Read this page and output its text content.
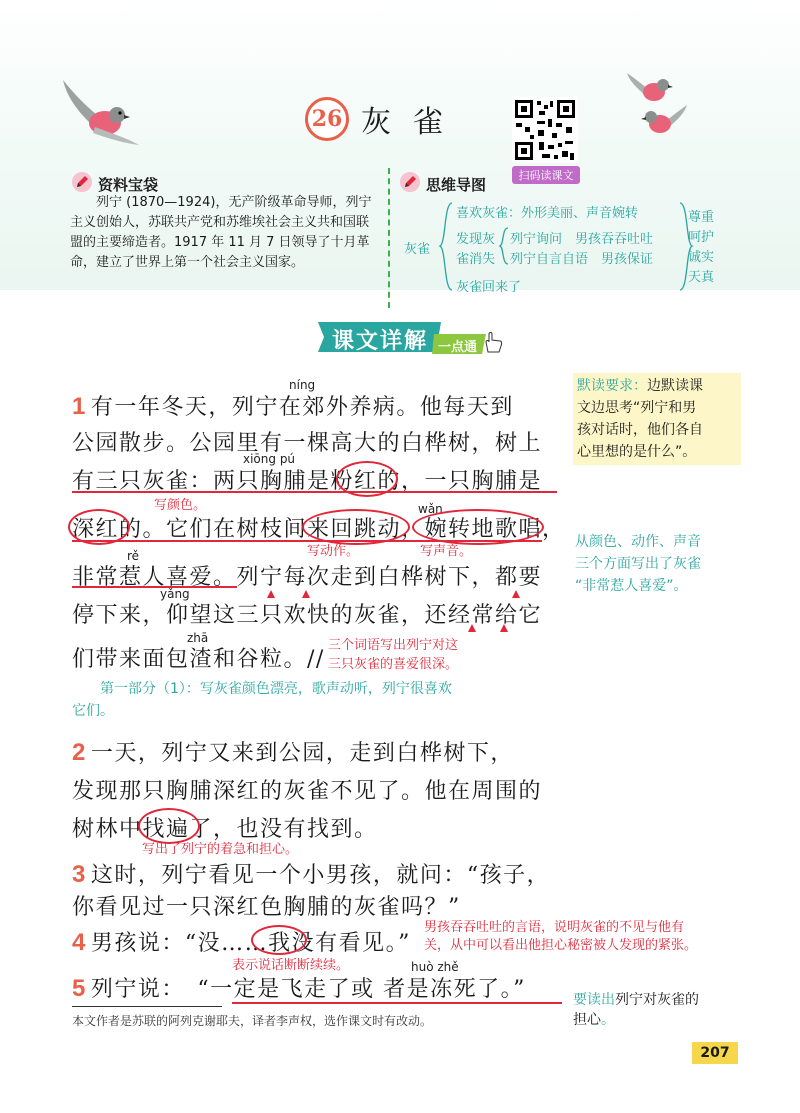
26 灰雀
扫码读课文
资料宝袋
列宁 (1870—1924)，无产阶级革命导师，列宁主义创始人，苏联共产党和苏维埃社会主义共和国联盟的主要缔造者。1917 年 11 月 7 日领导了十月革命，建立了世界上第一个社会主义国家。
思维导图
灰雀
喜欢灰雀：外形美丽、声音婉转
发现灰
雀消失
列宁询问　男孩吞吞吐吐
列宁自言自语　男孩保证
灰雀回来了
尊重
呵护
诚实
天真
课文详解 一点通
默读要求：边默读课
文边思考“列宁和男
孩对话时，他们各自
心里想的是什么”。
从颜色、动作、声音
三个方面写出了灰雀
“非常惹人喜爱”。
níng
xiōng pú
wǎn
rě
yǎng
zhā
huò zhě
1 有一年冬天，列宁在郊外养病。他每天到
公园散步。公园里有一棵高大的白桦树，树上
有三只灰雀：两只胸脯是粉红的，一只胸脯是
深红的。它们在树枝间来回跳动，婉转地歌唱，
非常惹人喜爱。列宁每次走到白桦树下，都要
停下来，仰望这三只欢快的灰雀，还经常给它
们带来面包渣和谷粒。//
写颜色。
写动作。	写声音。
三个词语写出列宁对这
三只灰雀的喜爱很深。
第一部分（1）：写灰雀颜色漂亮，歌声动听，列宁很喜欢
它们。
2 一天，列宁又来到公园，走到白桦树下，
发现那只胸脯深红的灰雀不见了。他在周围的
树林中找遍了，也没有找到。
写出了列宁的着急和担心。
3 这时，列宁看见一个小男孩，就问：“孩子，
你看见过一只深红色胸脯的灰雀吗？”
4 男孩说：“没……我没有看见。”
男孩吞吞吐吐的言语，说明灰雀的不见与他有
关，从中可以看出他担心秘密被人发现的紧张。
表示说话断断续续。
5 列宁说：　“一定是飞走了或 者是冻死了。”	要读出列宁对灰雀的
担心。
本文作者是苏联的阿列克谢耶夫，译者李声权，选作课文时有改动。
207
